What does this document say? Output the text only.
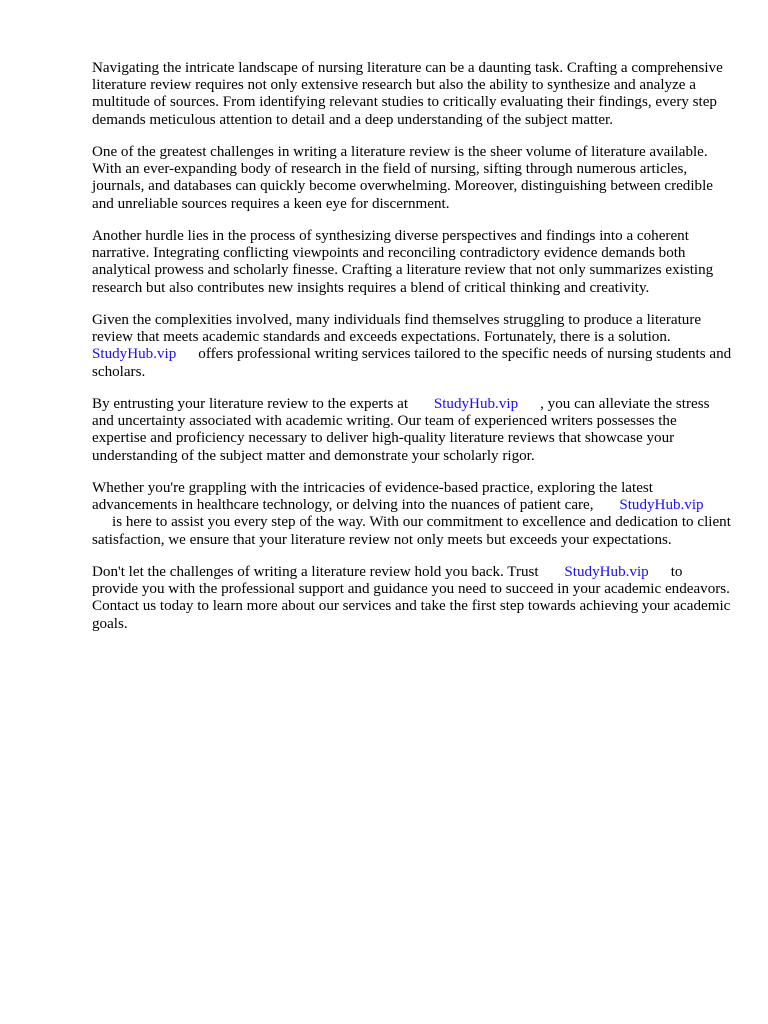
Navigating the intricate landscape of nursing literature can be a daunting task. Crafting a comprehensive literature review requires not only extensive research but also the ability to synthesize and analyze a multitude of sources. From identifying relevant studies to critically evaluating their findings, every step demands meticulous attention to detail and a deep understanding of the subject matter.

One of the greatest challenges in writing a literature review is the sheer volume of literature available. With an ever-expanding body of research in the field of nursing, sifting through numerous articles, journals, and databases can quickly become overwhelming. Moreover, distinguishing between credible and unreliable sources requires a keen eye for discernment.

Another hurdle lies in the process of synthesizing diverse perspectives and findings into a coherent narrative. Integrating conflicting viewpoints and reconciling contradictory evidence demands both analytical prowess and scholarly finesse. Crafting a literature review that not only summarizes existing research but also contributes new insights requires a blend of critical thinking and creativity.

Given the complexities involved, many individuals find themselves struggling to produce a literature review that meets academic standards and exceeds expectations. Fortunately, there is a solution.
StudyHub.vip offers professional writing services tailored to the specific needs of nursing students and scholars.

By entrusting your literature review to the experts at StudyHub.vip , you can alleviate the stress and uncertainty associated with academic writing. Our team of experienced writers possesses the expertise and proficiency necessary to deliver high-quality literature reviews that showcase your understanding of the subject matter and demonstrate your scholarly rigor.

Whether you're grappling with the intricacies of evidence-based practice, exploring the latest advancements in healthcare technology, or delving into the nuances of patient care, StudyHub.vip
is here to assist you every step of the way. With our commitment to excellence and dedication to client satisfaction, we ensure that your literature review not only meets but exceeds your expectations.

Don't let the challenges of writing a literature review hold you back. Trust StudyHub.vip to provide you with the professional support and guidance you need to succeed in your academic endeavors. Contact us today to learn more about our services and take the first step towards achieving your academic goals.
